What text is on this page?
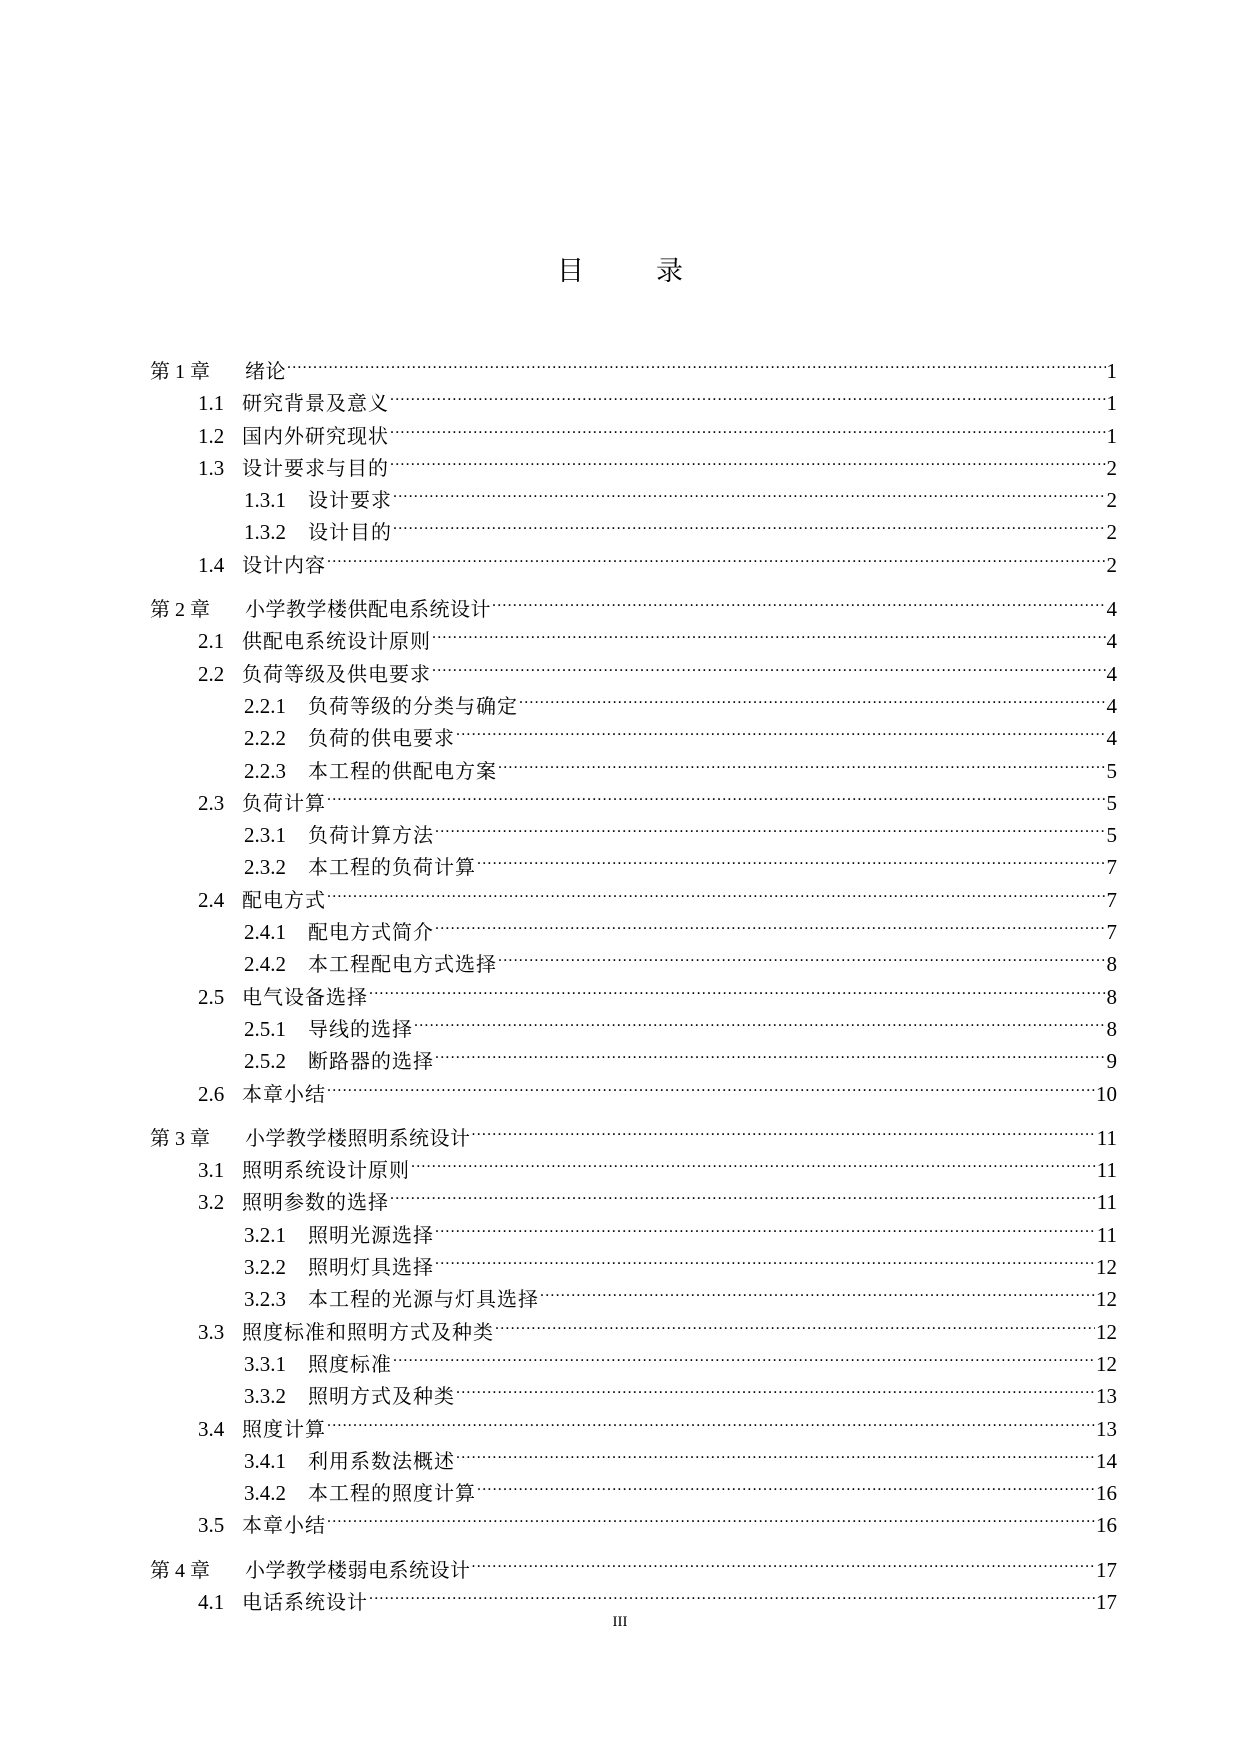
目录
第 1 章	绪论 .....	1
1.1 研究背景及意义 .....	1
1.2 国内外研究现状 .....	1
1.3 设计要求与目的 .....	2
1.3.1	设计要求 .....	2
1.3.2	设计目的 .....	2
1.4 设计内容 .....	2
第 2 章	小学教学楼供配电系统设计 .....	4
2.1 供配电系统设计原则 .....	4
2.2 负荷等级及供电要求 .....	4
2.2.1	负荷等级的分类与确定 .....	4
2.2.2	负荷的供电要求 .....	4
2.2.3	本工程的供配电方案 .....	5
2.3 负荷计算 .....	5
2.3.1	负荷计算方法 .....	5
2.3.2	本工程的负荷计算 .....	7
2.4 配电方式 .....	7
2.4.1	配电方式简介 .....	7
2.4.2	本工程配电方式选择 .....	8
2.5 电气设备选择 .....	8
2.5.1	导线的选择 .....	8
2.5.2	断路器的选择 .....	9
2.6 本章小结 .....	10
第 3 章	小学教学楼照明系统设计 .....	11
3.1 照明系统设计原则 .....	11
3.2 照明参数的选择 .....	11
3.2.1	照明光源选择 .....	11
3.2.2	照明灯具选择 .....	12
3.2.3	本工程的光源与灯具选择 .....	12
3.3 照度标准和照明方式及种类 .....	12
3.3.1	照度标准 .....	12
3.3.2	照明方式及种类 .....	13
3.4 照度计算 .....	13
3.4.1	利用系数法概述 .....	14
3.4.2	本工程的照度计算 .....	16
3.5 本章小结 .....	16
第 4 章	小学教学楼弱电系统设计 .....	17
4.1 电话系统设计 .....	17
III
